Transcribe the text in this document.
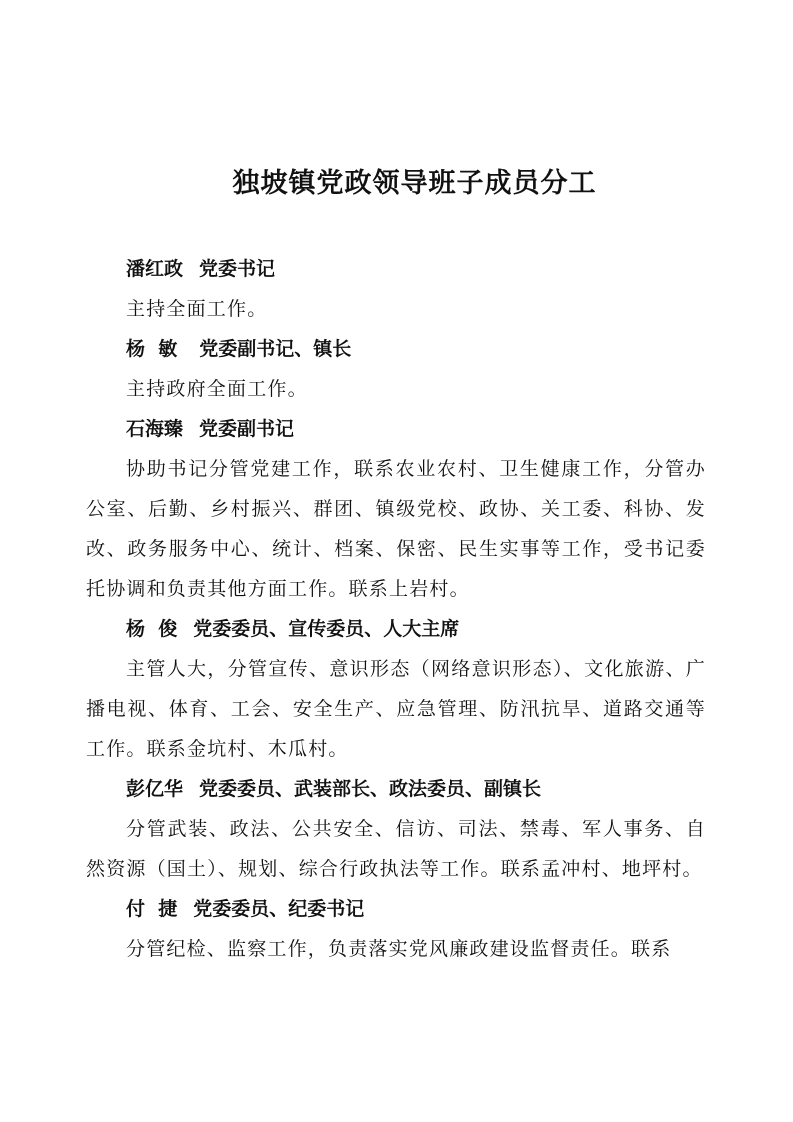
独坡镇党政领导班子成员分工
潘红政 党委书记
主持全面工作。
杨  敏 党委副书记、镇长
主持政府全面工作。
石海臻 党委副书记
协助书记分管党建工作，联系农业农村、卫生健康工作，分管办公室、后勤、乡村振兴、群团、镇级党校、政协、关工委、科协、发改、政务服务中心、统计、档案、保密、民生实事等工作，受书记委托协调和负责其他方面工作。联系上岩村。
杨  俊 党委委员、宣传委员、人大主席
主管人大，分管宣传、意识形态（网络意识形态）、文化旅游、广播电视、体育、工会、安全生产、应急管理、防汛抗旱、道路交通等工作。联系金坑村、木瓜村。
彭亿华 党委委员、武装部长、政法委员、副镇长
分管武装、政法、公共安全、信访、司法、禁毒、军人事务、自然资源（国土）、规划、综合行政执法等工作。联系孟冲村、地坪村。
付  捷 党委委员、纪委书记
分管纪检、监察工作，负责落实党风廉政建设监督责任。联系
